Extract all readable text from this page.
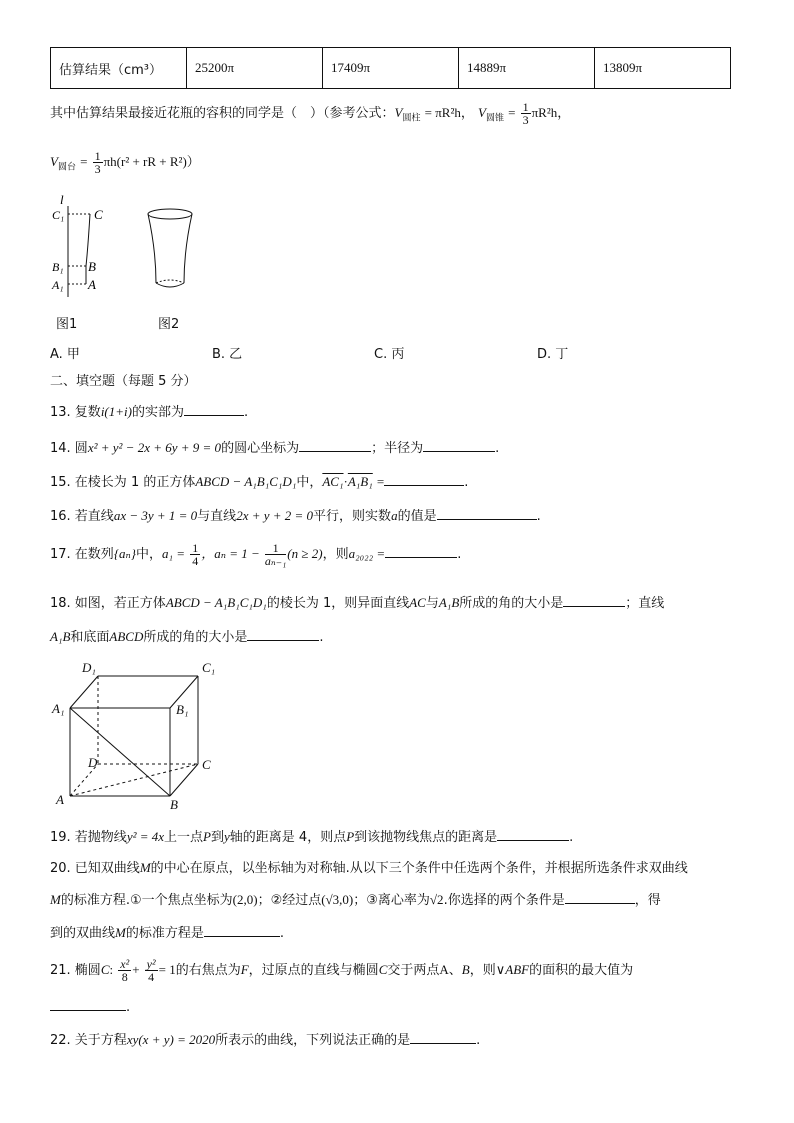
估算结果（cm³）	25200π	17409π	14889π	13809π
其中估算结果最接近花瓶的容积的同学是（　）（参考公式：$V_{圆柱} = \pi R^2h$， $V_{圆锥} = \frac{1}{3} \pi R^2h$，
$V_{圆台} = \frac{1}{3} \pi h(r^2$ + rR + R²)）
l
C₁ C
B₁ B
A₁ A
图1	图2
A. 甲	B. 乙	C. 丙	D. 丁
二、填空题（每题 5 分）
13. 复数i(1+i)的实部为	.
14. 圆x² + y² − 2x + 6y + 9 = 0的圆心坐标为	；半径为	.
15. 在棱长为 1 的正方体ABCD − A₁B₁C₁D₁中，AC₁·A₁B₁ =	.
16. 若直线ax − 3y + 1 = 0与直线2x + y + 2 = 0平行，则实数a的值是	.
17. 在数列{aₙ}中，$a_1 = \frac{1}{4}$ ，$a_n = 1 - \frac{1}{\text{aₙ₋₁}} (n \ge 2)$，则a₂₀₂₂ =	.
18. 如图，若正方体ABCD − A₁B₁C₁D₁的棱长为 1，则异面直线AC与A₁B所成的角的大小是	；直线
A₁B和底面ABCD所成的角的大小是	.
D₁	C₁
A₁	B₁
D	C
A	B
19. 若抛物线y² = 4x上一点P到y轴的距离是 4，则点P到该抛物线焦点的距离是	.
20. 已知双曲线M的中心在原点，以坐标轴为对称轴.从以下三个条件中任选两个条件，并根据所选条件求双曲线
M的标准方程.①一个焦点坐标为(2,0)；②经过点(√3,0)；③离心率为√2.你选择的两个条件是	，得
到的双曲线M的标准方程是	.
21. 椭圆C: $\frac{\text{x²}}{8} + \frac{\text{y²}}{4} = 1$的右焦点为F，过原点的直线与椭圆C交于两点A、B，则∨ABF的面积的最大值为
.
22. 关于方程xy(x + y) = 2020所表示的曲线，下列说法正确的是	.
